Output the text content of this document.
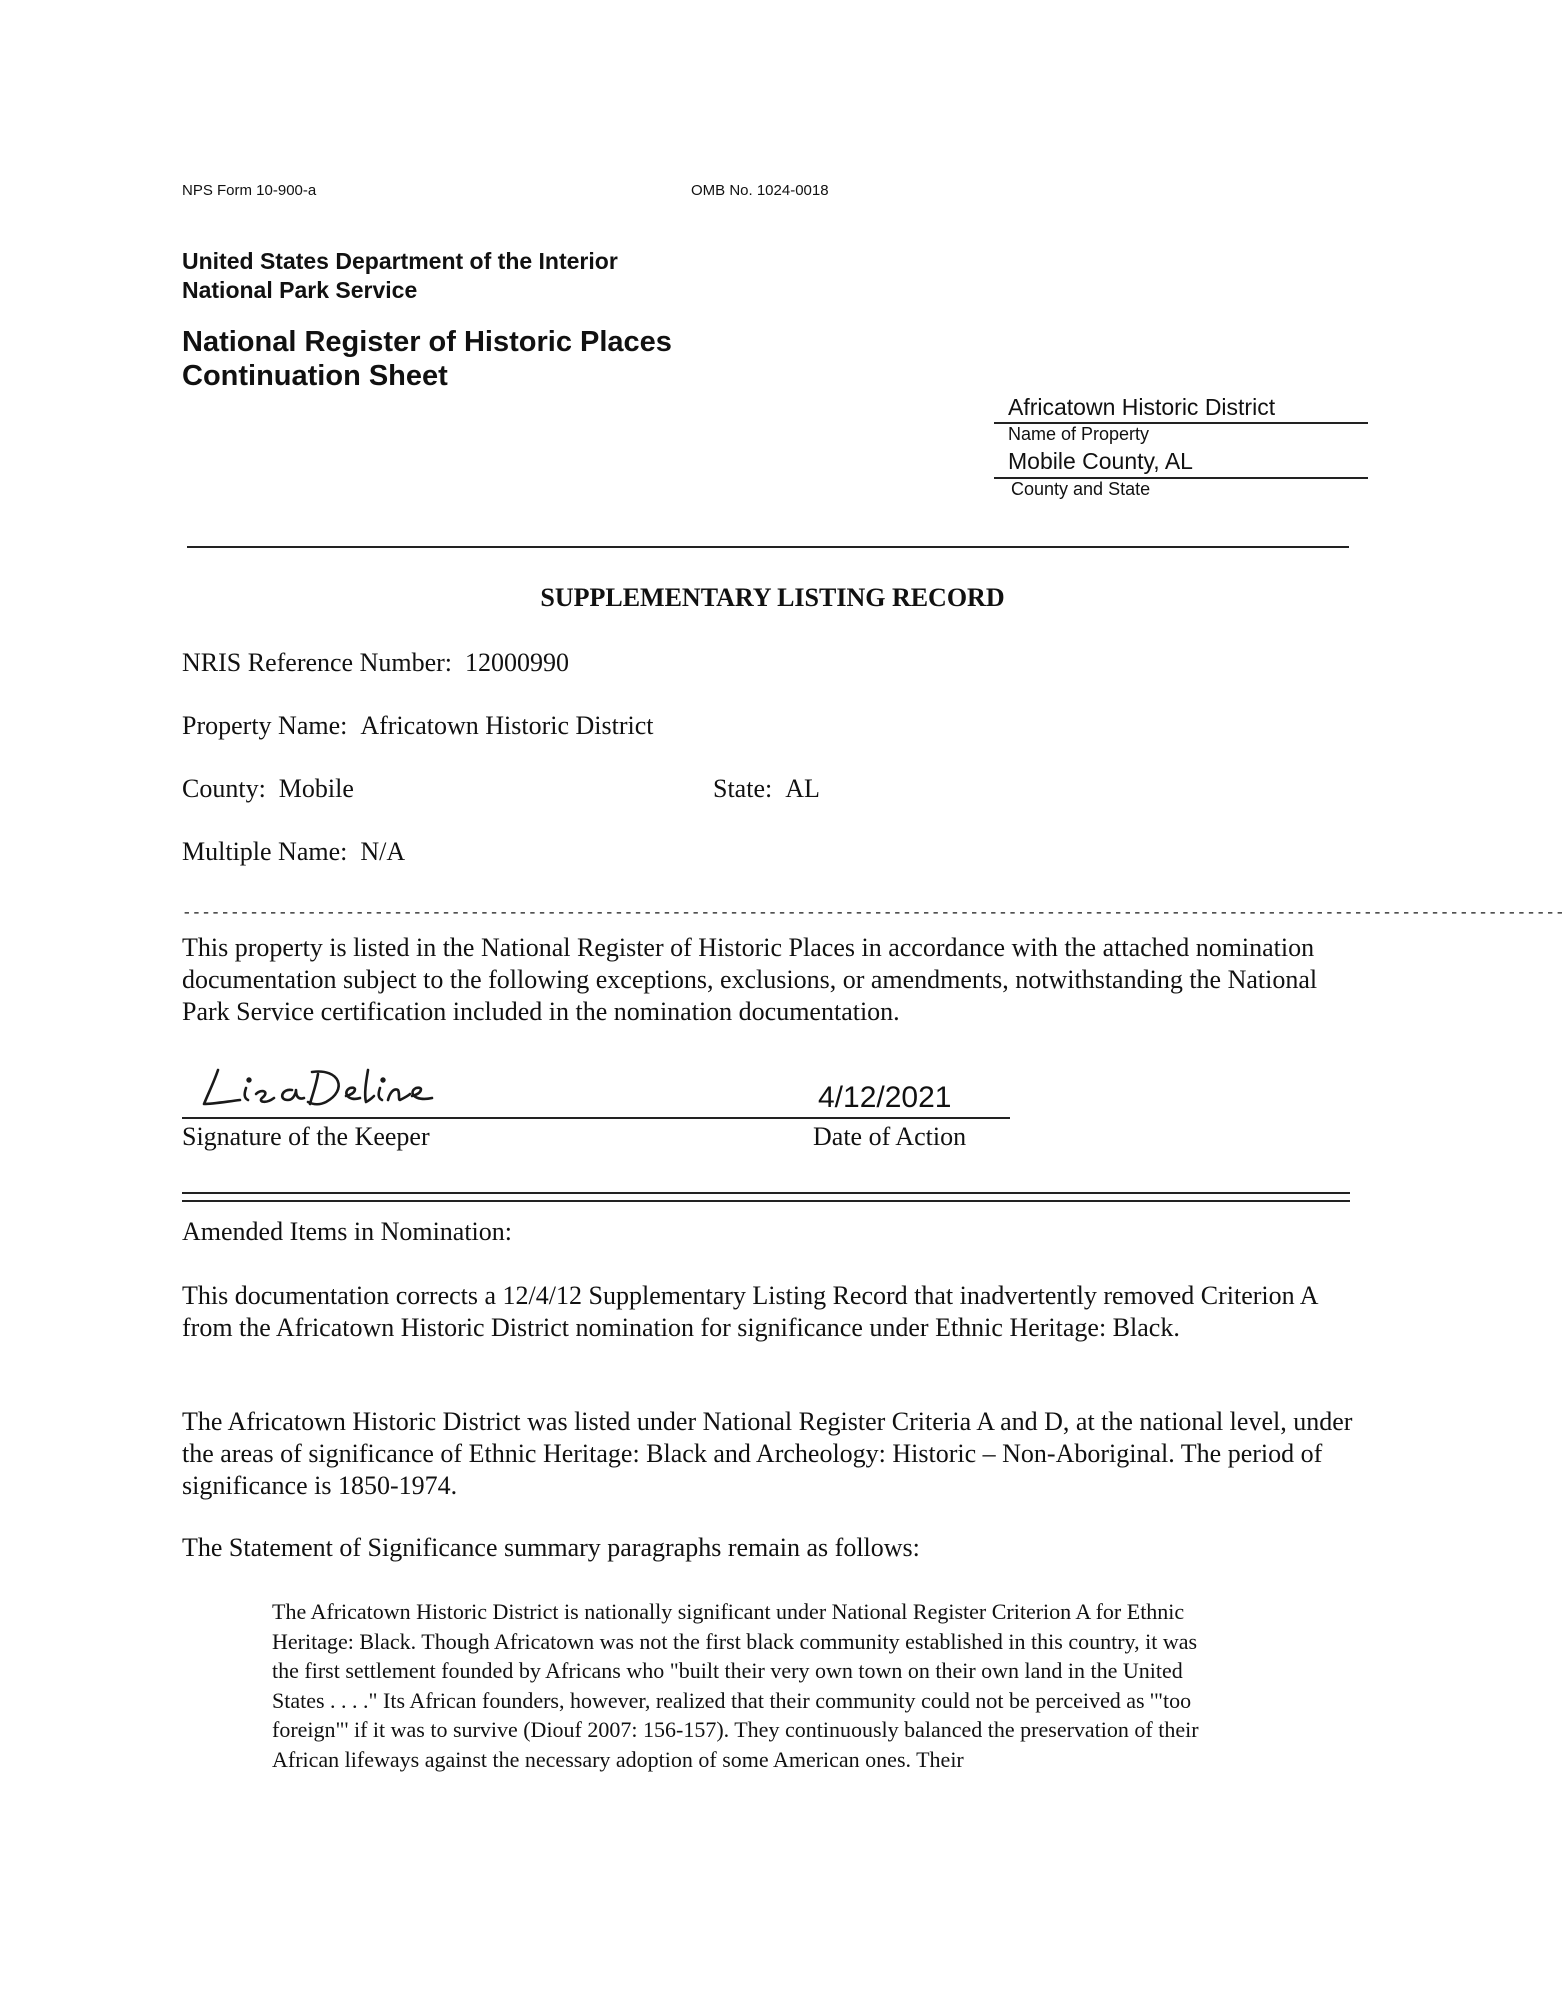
NPS Form 10-900-a	OMB No. 1024-0018
United States Department of the Interior
National Park Service
National Register of Historic Places
Continuation Sheet
Africatown Historic District
Name of Property
Mobile County, AL
County and State
SUPPLEMENTARY LISTING RECORD
NRIS Reference Number: 12000990
Property Name: Africatown Historic District
County: Mobile	State: AL
Multiple Name: N/A
------------------------------------------------------------------------------------------------------------------------------------------------
This property is listed in the National Register of Historic Places in accordance with the attached nomination documentation subject to the following exceptions, exclusions, or amendments, notwithstanding the National Park Service certification included in the nomination documentation.
Signature of the Keeper
4/12/2021
Date of Action
Amended Items in Nomination:
This documentation corrects a 12/4/12 Supplementary Listing Record that inadvertently removed Criterion A from the Africatown Historic District nomination for significance under Ethnic Heritage: Black.
The Africatown Historic District was listed under National Register Criteria A and D, at the national level, under the areas of significance of Ethnic Heritage: Black and Archeology: Historic – Non-Aboriginal. The period of significance is 1850-1974.
The Statement of Significance summary paragraphs remain as follows:
The Africatown Historic District is nationally significant under National Register Criterion A for Ethnic Heritage: Black. Though Africatown was not the first black community established in this country, it was the first settlement founded by Africans who "built their very own town on their own land in the United States . . . ." Its African founders, however, realized that their community could not be perceived as '"too foreign"' if it was to survive (Diouf 2007: 156-157). They continuously balanced the preservation of their African lifeways against the necessary adoption of some American ones. Their
